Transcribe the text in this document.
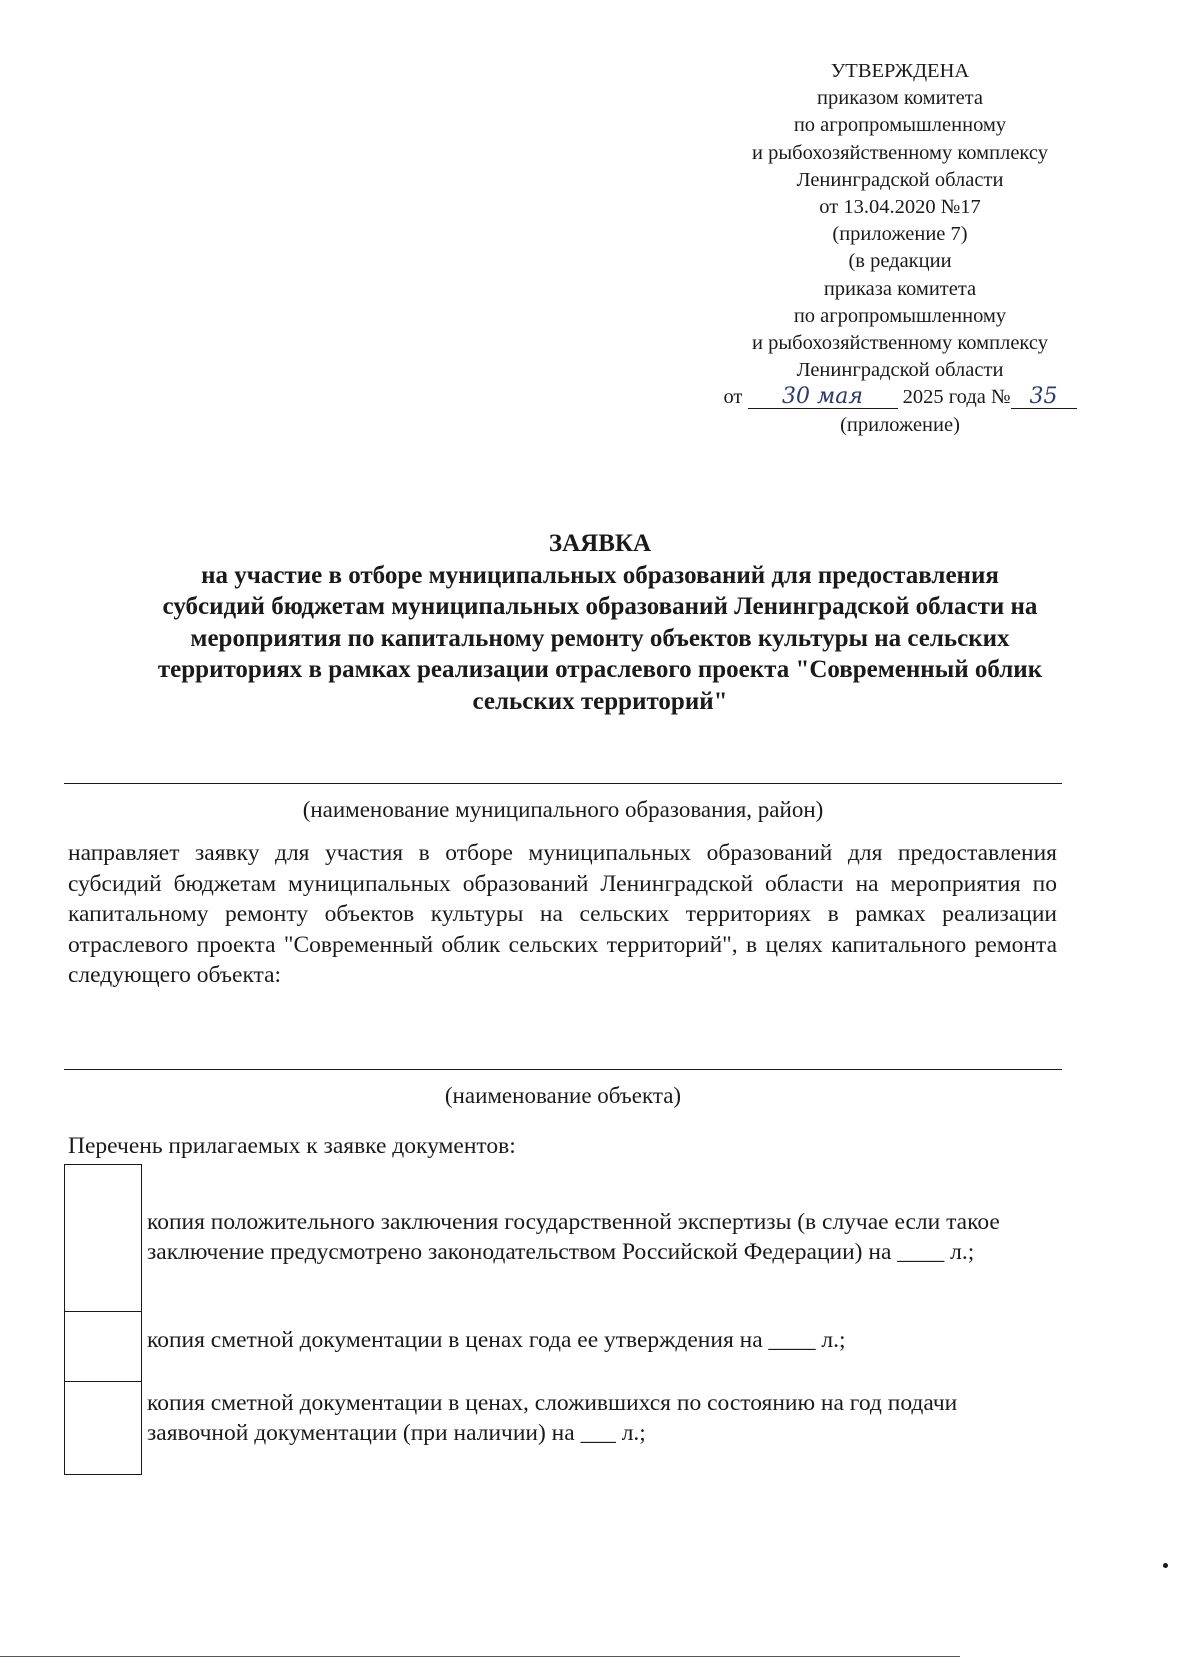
УТВЕРЖДЕНА
приказом комитета
по агропромышленному
и рыбохозяйственному комплексу
Ленинградской области
от 13.04.2020 №17
(приложение 7)
(в редакции
приказа комитета
по агропромышленному
и рыбохозяйственному комплексу
Ленинградской области
от 30 мая 2025 года № 35
(приложение)
ЗАЯВКА
на участие в отборе муниципальных образований для предоставления
субсидий бюджетам муниципальных образований Ленинградской области на
мероприятия по капитальному ремонту объектов культуры на сельских
территориях в рамках реализации отраслевого проекта "Современный облик
сельских территорий"
(наименование муниципального образования, район)
направляет заявку для участия в отборе муниципальных образований для предоставления субсидий бюджетам муниципальных образований Ленинградской области на мероприятия по капитальному ремонту объектов культуры на сельских территориях в рамках реализации отраслевого проекта "Современный облик сельских территорий", в целях капитального ремонта следующего объекта:
(наименование объекта)
Перечень прилагаемых к заявке документов:
	копия положительного заключения государственной экспертизы (в случае если такое заключение предусмотрено законодательством Российской Федерации) на ____ л.;
	копия сметной документации в ценах года ее утверждения на ____ л.;
	копия сметной документации в ценах, сложившихся по состоянию на год подачи заявочной документации (при наличии) на ___ л.;
